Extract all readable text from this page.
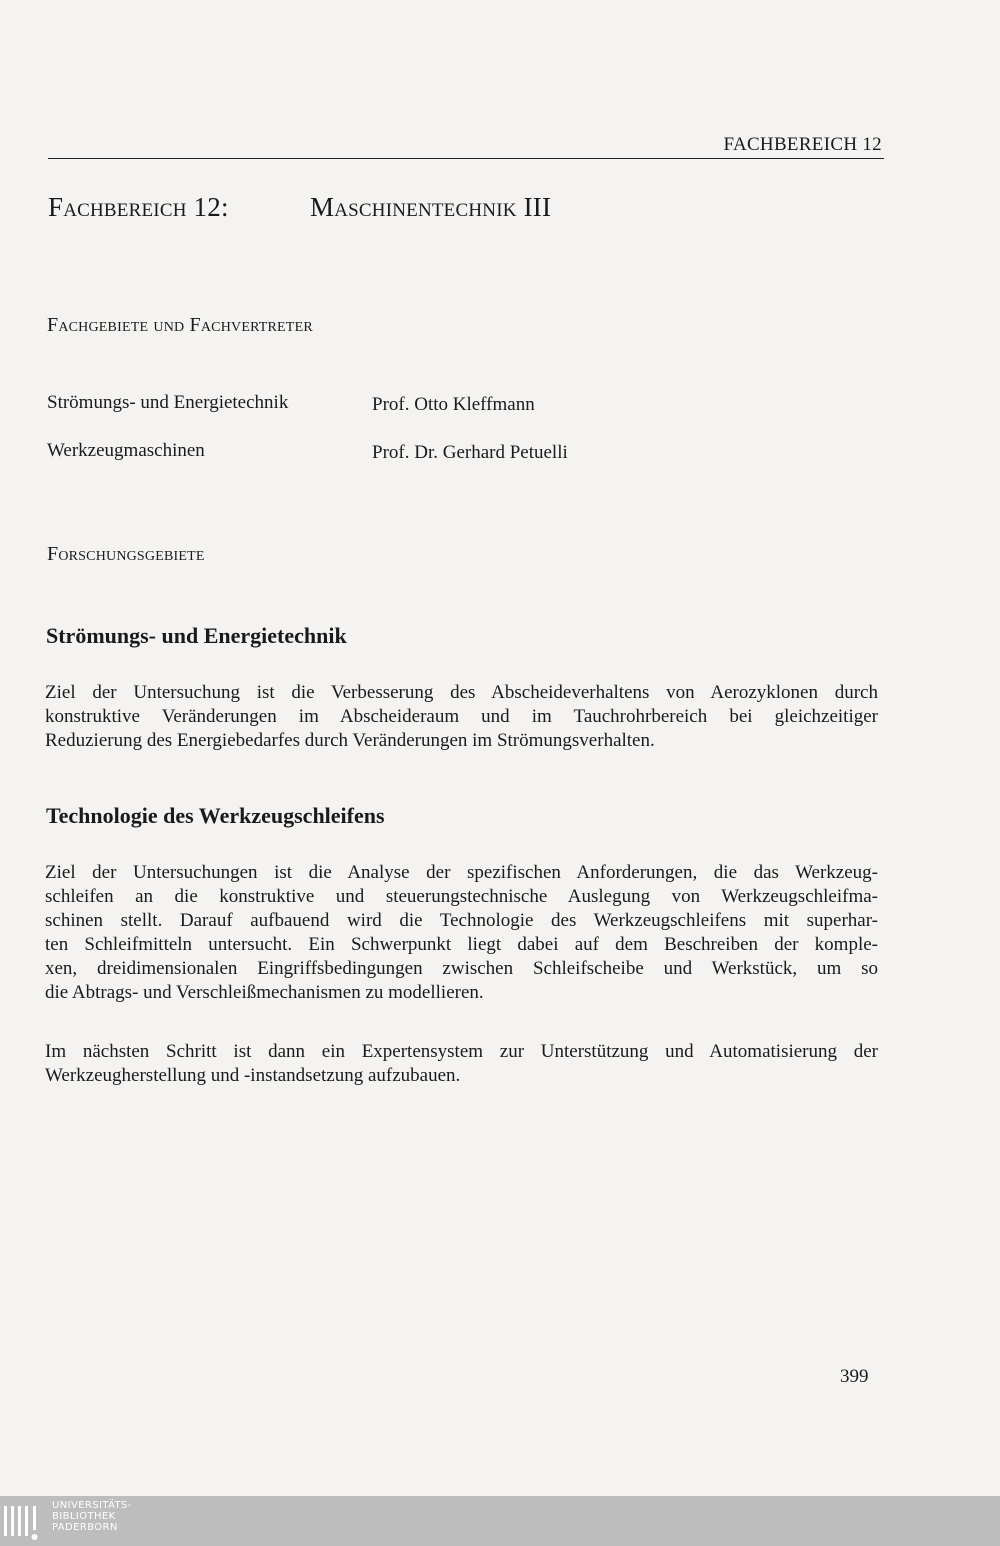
FACHBEREICH 12
Fachbereich 12:	Maschinentechnik III
Fachgebiete und Fachvertreter
Strömungs- und Energietechnik	Prof. Otto Kleffmann
Werkzeugmaschinen	Prof. Dr. Gerhard Petuelli
Forschungsgebiete
Strömungs- und Energietechnik
Ziel der Untersuchung ist die Verbesserung des Abscheideverhaltens von Aerozyklonen durch
konstruktive Veränderungen im Abscheideraum und im Tauchrohrbereich bei gleichzeitiger
Reduzierung des Energiebedarfes durch Veränderungen im Strömungsverhalten.
Technologie des Werkzeugschleifens
Ziel der Untersuchungen ist die Analyse der spezifischen Anforderungen, die das Werkzeug-
schleifen an die konstruktive und steuerungstechnische Auslegung von Werkzeugschleifma-
schinen stellt. Darauf aufbauend wird die Technologie des Werkzeugschleifens mit superhar-
ten Schleifmitteln untersucht. Ein Schwerpunkt liegt dabei auf dem Beschreiben der komple-
xen, dreidimensionalen Eingriffsbedingungen zwischen Schleifscheibe und Werkstück, um so
die Abtrags- und Verschleißmechanismen zu modellieren.
Im nächsten Schritt ist dann ein Expertensystem zur Unterstützung und Automatisierung der
Werkzeugherstellung und -instandsetzung aufzubauen.
399
UNIVERSITÄTS-
BIBLIOTHEK
PADERBORN
